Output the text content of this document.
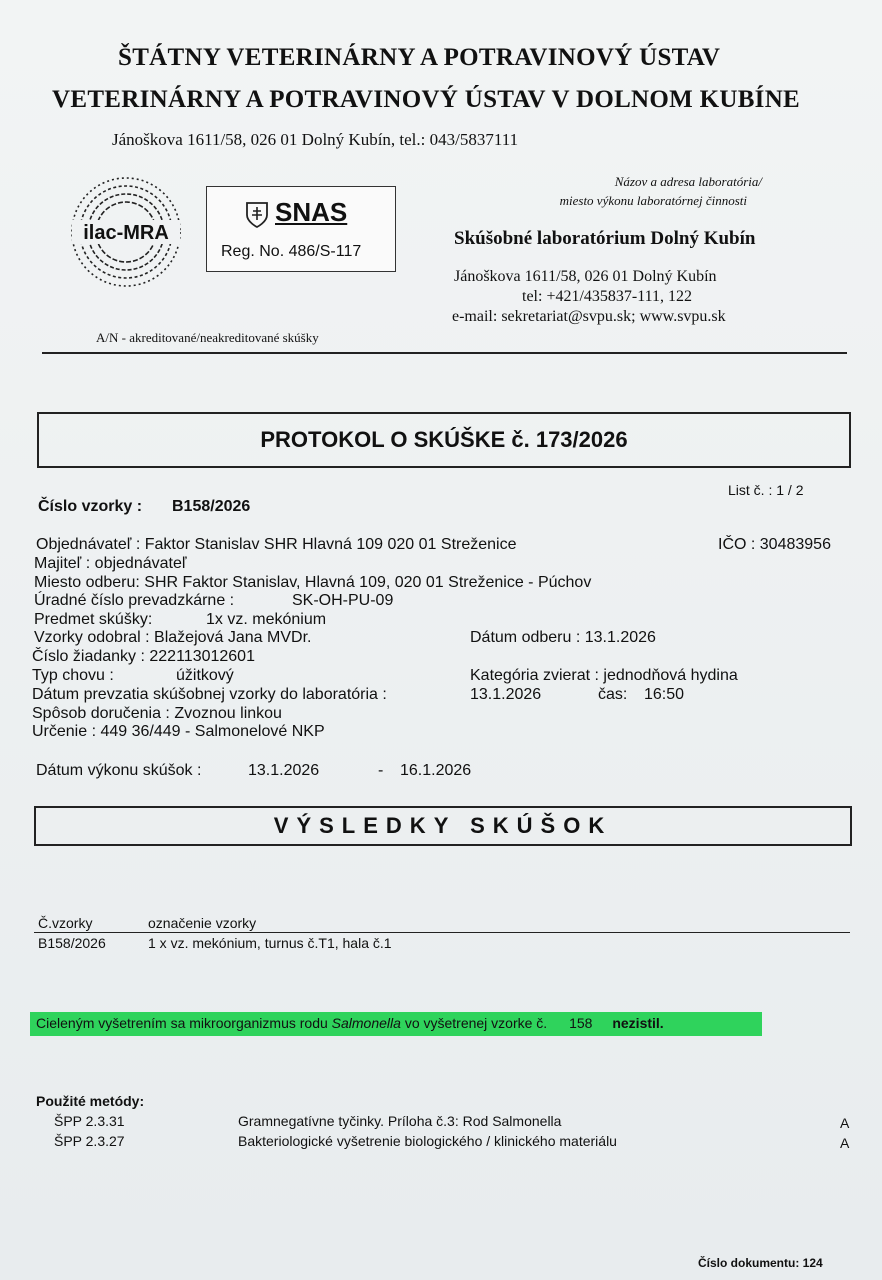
ŠTÁTNY VETERINÁRNY A POTRAVINOVÝ ÚSTAV
VETERINÁRNY A POTRAVINOVÝ ÚSTAV V DOLNOM KUBÍNE
Jánoškova 1611/58, 026 01 Dolný Kubín, tel.: 043/5837111
ilac-MRA
SNAS
Reg. No. 486/S-117
Názov a adresa laboratória/
miesto výkonu laboratórnej činnosti
Skúšobné laboratórium Dolný Kubín
Jánoškova 1611/58, 026 01 Dolný Kubín
tel: +421/435837-111, 122
e-mail: sekretariat@svpu.sk; www.svpu.sk
A/N - akreditované/neakreditované skúšky
PROTOKOL O SKÚŠKE č. 173/2026
List č. : 1 / 2
Číslo vzorky : B158/2026
Objednávateľ : Faktor Stanislav SHR Hlavná 109 020 01 Streženice	IČO : 30483956
Majiteľ : objednávateľ
Miesto odberu: SHR Faktor Stanislav, Hlavná 109, 020 01 Streženice - Púchov
Úradné číslo prevadzkárne :	SK-OH-PU-09
Predmet skúšky:	1x vz. mekónium
Vzorky odobral : Blažejová Jana MVDr.	Dátum odberu : 13.1.2026
Číslo žiadanky : 222113012601
Typ chovu :	úžitkový	Kategória zvierat : jednodňová hydina
Dátum prevzatia skúšobnej vzorky do laboratória :	13.1.2026	čas: 16:50
Spôsob doručenia : Zvoznou linkou
Určenie : 449 36/449 - Salmonelové NKP
Dátum výkonu skúšok :	13.1.2026	- 16.1.2026
VÝSLEDKY SKÚŠOK
Č.vzorky	označenie vzorky
B158/2026	1 x vz. mekónium, turnus č.T1, hala č.1
Cieleným vyšetrením sa mikroorganizmus rodu Salmonella vo vyšetrenej vzorke č. 158 nezistil.
Použité metódy:
ŠPP 2.3.31	Gramnegatívne tyčinky. Príloha č.3: Rod Salmonella	A
ŠPP 2.3.27	Bakteriologické vyšetrenie biologického / klinického materiálu	A
Číslo dokumentu: 124
